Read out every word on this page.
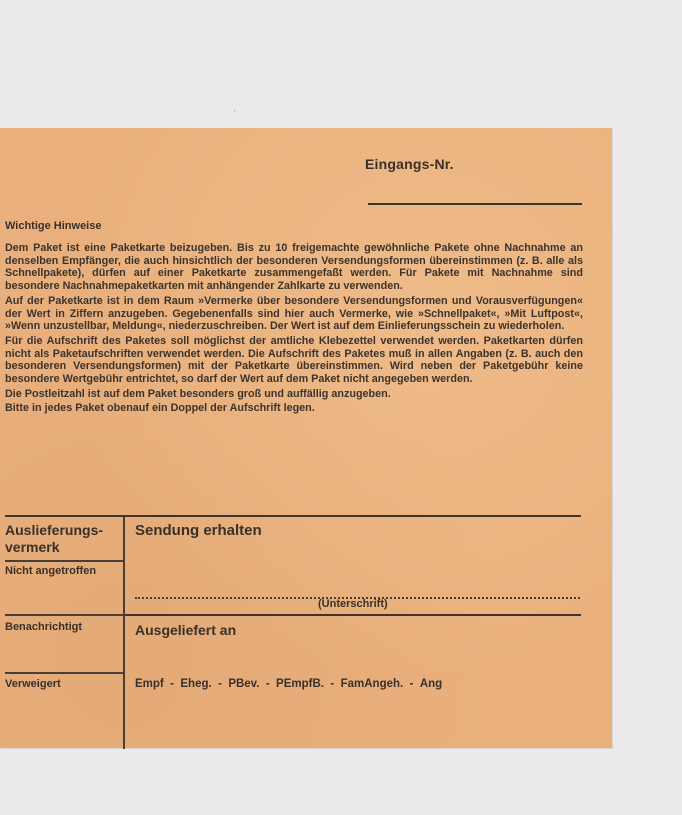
ⁱ
Eingangs-Nr.
Wichtige Hinweise

Dem Paket ist eine Paketkarte beizugeben. Bis zu 10 freigemachte gewöhnliche Pakete ohne Nachnahme an denselben Empfänger, die auch hinsichtlich der besonderen Versendungsformen übereinstimmen (z. B. alle als Schnellpakete), dürfen auf einer Paketkarte zusammengefaßt werden. Für Pakete mit Nachnahme sind besondere Nachnahmepaketkarten mit anhängender Zahlkarte zu verwenden.

Auf der Paketkarte ist in dem Raum »Vermerke über besondere Versendungsformen und Vorausverfügungen« der Wert in Ziffern anzugeben. Gegebenenfalls sind hier auch Vermerke, wie »Schnellpaket«, »Mit Luftpost«, »Wenn unzustellbar, Meldung«, niederzuschreiben. Der Wert ist auf dem Einlieferungsschein zu wiederholen.

Für die Aufschrift des Paketes soll möglichst der amtliche Klebezettel verwendet werden. Paketkarten dürfen nicht als Paketaufschriften verwendet werden. Die Aufschrift des Paketes muß in allen Angaben (z. B. auch den besonderen Versendungsformen) mit der Paketkarte übereinstimmen. Wird neben der Paketgebühr keine besondere Wertgebühr entrichtet, so darf der Wert auf dem Paket nicht angegeben werden.

Die Postleitzahl ist auf dem Paket besonders groß und auffällig anzugeben.

Bitte in jedes Paket obenauf ein Doppel der Aufschrift legen.

Auslieferungs-vermerk
Nicht angetroffen
Benachrichtigt
Verweigert
Sendung erhalten
(Unterschrift)
Ausgeliefert an
Empf
-
Eheg.
-
PBev.
-
PEmpfB.
-
FamAngeh.
-
Ang
